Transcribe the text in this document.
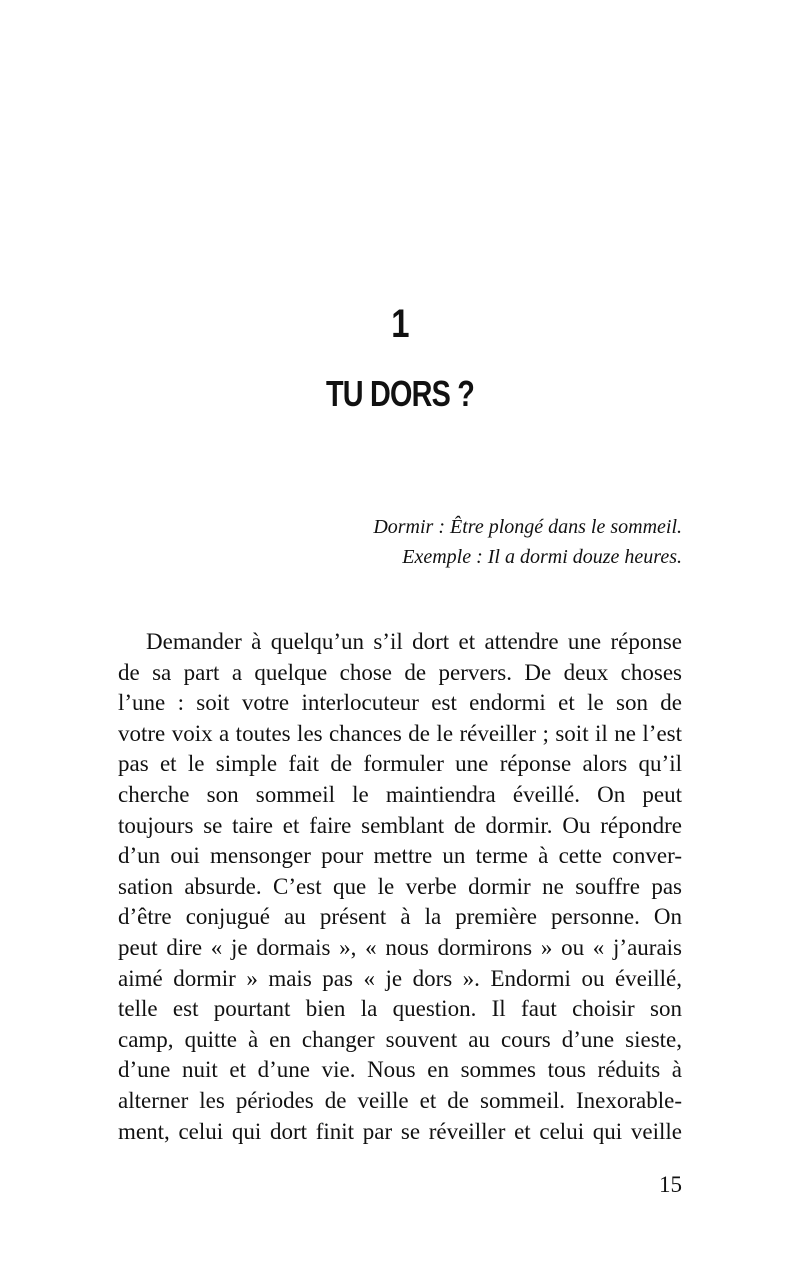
1
TU DORS ?
Dormir : Être plongé dans le sommeil.
Exemple : Il a dormi douze heures.
Demander à quelqu’un s’il dort et attendre une réponse
de sa part a quelque chose de pervers. De deux choses
l’une : soit votre interlocuteur est endormi et le son de
votre voix a toutes les chances de le réveiller ; soit il ne l’est
pas et le simple fait de formuler une réponse alors qu’il
cherche son sommeil le maintiendra éveillé. On peut
toujours se taire et faire semblant de dormir. Ou répondre
d’un oui mensonger pour mettre un terme à cette conver-
sation absurde. C’est que le verbe dormir ne souffre pas
d’être conjugué au présent à la première personne. On
peut dire « je dormais », « nous dormirons » ou « j’aurais
aimé dormir » mais pas « je dors ». Endormi ou éveillé,
telle est pourtant bien la question. Il faut choisir son
camp, quitte à en changer souvent au cours d’une sieste,
d’une nuit et d’une vie. Nous en sommes tous réduits à
alterner les périodes de veille et de sommeil. Inexorable-
ment, celui qui dort finit par se réveiller et celui qui veille
15
